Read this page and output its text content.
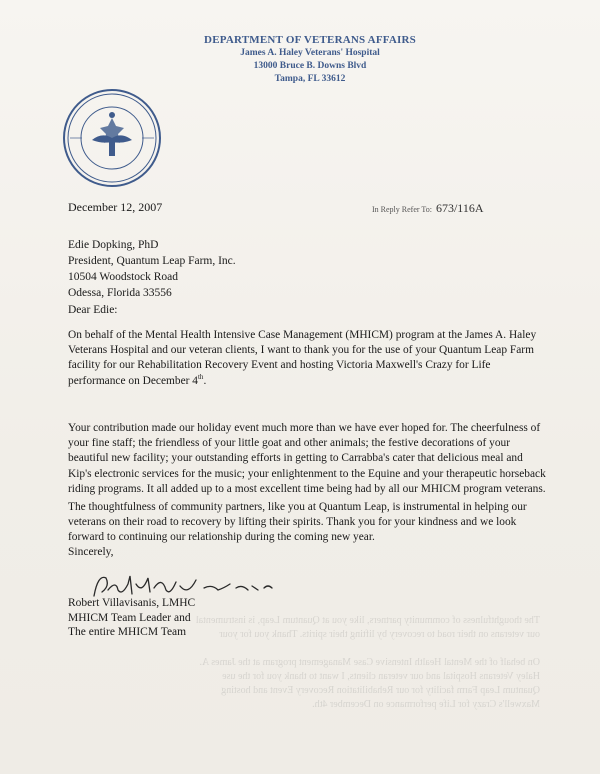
DEPARTMENT OF VETERANS AFFAIRS
James A. Haley Veterans' Hospital
13000 Bruce B. Downs Blvd
Tampa, FL 33612
December 12, 2007	In Reply Refer To: 673/116A
Edie Dopking, PhD
President, Quantum Leap Farm, Inc.
10504 Woodstock Road
Odessa, Florida 33556
Dear Edie:
On behalf of the Mental Health Intensive Case Management (MHICM) program at the James A. Haley Veterans Hospital and our veteran clients, I want to thank you for the use of your Quantum Leap Farm facility for our Rehabilitation Recovery Event and hosting Victoria Maxwell's Crazy for Life performance on December 4th.
Your contribution made our holiday event much more than we have ever hoped for. The cheerfulness of your fine staff; the friendless of your little goat and other animals; the festive decorations of your beautiful new facility; your outstanding efforts in getting to Carrabba's cater that delicious meal and Kip's electronic services for the music; your enlightenment to the Equine and your therapeutic horseback riding programs. It all added up to a most excellent time being had by all our MHICM program veterans.
The thoughtfulness of community partners, like you at Quantum Leap, is instrumental in helping our veterans on their road to recovery by lifting their spirits. Thank you for your kindness and we look forward to continuing our relationship during the coming new year.
Sincerely,
Robert Villavisanis, LMHC
MHICM Team Leader and
The entire MHICM Team

The thoughtfulness of community partners, like you at Quantum Leap, is instrumental
our veterans on their road to recovery by lifting their spirits. Thank you for your

On behalf of the Mental Health Intensive Case Management program at the James A.
Haley Veterans Hospital and our veteran clients, I want to thank you for the use
Quantum Leap Farm facility for our Rehabilitation Recovery Event and hosting
Maxwell's Crazy for Life performance on December 4th.
